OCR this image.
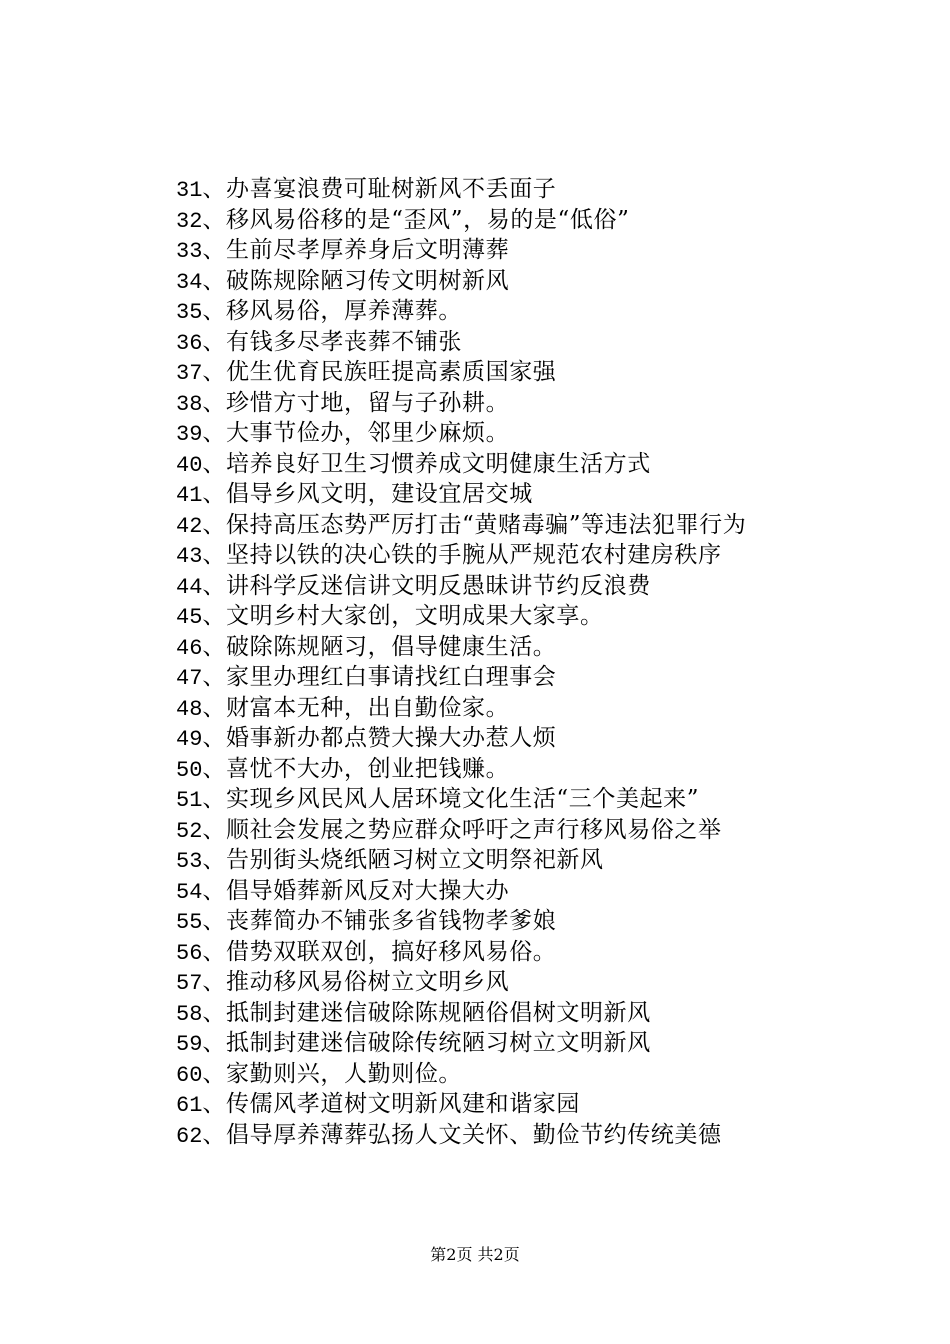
31、办喜宴浪费可耻树新风不丢面子
32、移风易俗移的是“歪风”，易的是“低俗”
33、生前尽孝厚养身后文明薄葬
34、破陈规除陋习传文明树新风
35、移风易俗，厚养薄葬。
36、有钱多尽孝丧葬不铺张
37、优生优育民族旺提高素质国家强
38、珍惜方寸地，留与子孙耕。
39、大事节俭办，邻里少麻烦。
40、培养良好卫生习惯养成文明健康生活方式
41、倡导乡风文明，建设宜居交城
42、保持高压态势严厉打击“黄赌毒骗”等违法犯罪行为
43、坚持以铁的决心铁的手腕从严规范农村建房秩序
44、讲科学反迷信讲文明反愚昧讲节约反浪费
45、文明乡村大家创，文明成果大家享。
46、破除陈规陋习，倡导健康生活。
47、家里办理红白事请找红白理事会
48、财富本无种，出自勤俭家。
49、婚事新办都点赞大操大办惹人烦
50、喜忧不大办，创业把钱赚。
51、实现乡风民风人居环境文化生活“三个美起来”
52、顺社会发展之势应群众呼吁之声行移风易俗之举
53、告别街头烧纸陋习树立文明祭祀新风
54、倡导婚葬新风反对大操大办
55、丧葬简办不铺张多省钱物孝爹娘
56、借势双联双创，搞好移风易俗。
57、推动移风易俗树立文明乡风
58、抵制封建迷信破除陈规陋俗倡树文明新风
59、抵制封建迷信破除传统陋习树立文明新风
60、家勤则兴，人勤则俭。
61、传儒风孝道树文明新风建和谐家园
62、倡导厚养薄葬弘扬人文关怀、勤俭节约传统美德
第2页 共2页
